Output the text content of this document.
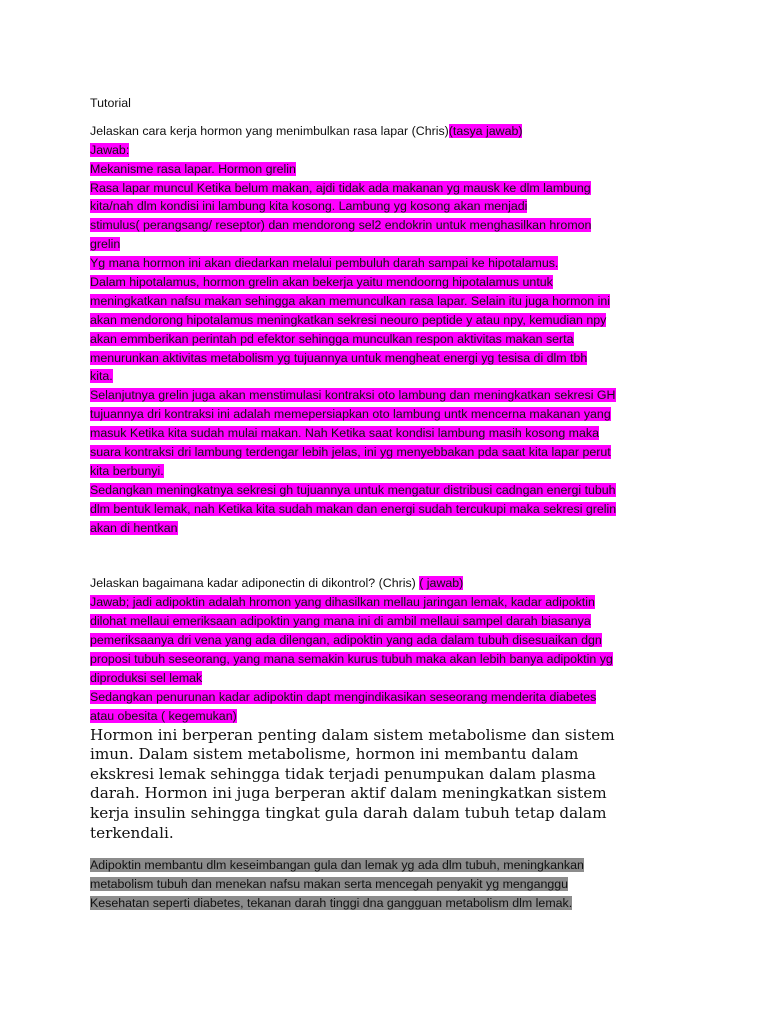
Tutorial
Jelaskan cara kerja hormon yang menimbulkan rasa lapar (Chris)(tasya jawab)
Jawab:
Mekanisme rasa lapar. Hormon grelin
Rasa lapar muncul Ketika belum makan, ajdi tidak ada makanan yg mausk ke dlm lambung
kita/nah dlm kondisi ini lambung kita kosong. Lambung yg kosong akan menjadi
stimulus( perangsang/ reseptor) dan mendorong sel2 endokrin untuk menghasilkan hromon
grelin
Yg mana hormon ini akan diedarkan melalui pembuluh darah sampai ke hipotalamus.
Dalam hipotalamus, hormon grelin akan bekerja yaitu mendoorng hipotalamus untuk
meningkatkan nafsu makan sehingga akan memunculkan rasa lapar. Selain itu juga hormon ini
akan mendorong hipotalamus meningkatkan sekresi neouro peptide y atau npy, kemudian npy
akan emmberikan perintah pd efektor sehingga munculkan respon aktivitas makan serta
menurunkan aktivitas metabolism yg tujuannya untuk mengheat energi yg tesisa di dlm tbh
kita.
Selanjutnya grelin juga akan menstimulasi kontraksi oto lambung dan meningkatkan sekresi GH
tujuannya dri kontraksi ini adalah memepersiapkan oto lambung untk mencerna makanan yang
masuk Ketika kita sudah mulai makan. Nah Ketika saat kondisi lambung masih kosong maka
suara kontraksi dri lambung terdengar lebih jelas, ini yg menyebbakan pda saat kita lapar perut
kita berbunyi.
Sedangkan meningkatnya sekresi gh tujuannya untuk mengatur distribusi cadngan energi tubuh
dlm bentuk lemak, nah Ketika kita sudah makan dan energi sudah tercukupi maka sekresi grelin
akan di hentkan
Jelaskan bagaimana kadar adiponectin di dikontrol? (Chris) ( jawab)
Jawab; jadi adipoktin adalah hromon yang dihasilkan mellau jaringan lemak, kadar adipoktin
dilohat mellaui emeriksaan adipoktin yang mana ini di ambil mellaui sampel darah biasanya
pemeriksaanya dri vena yang ada dilengan, adipoktin yang ada dalam tubuh disesuaikan dgn
proposi tubuh seseorang, yang mana semakin kurus tubuh maka akan lebih banya adipoktin yg
diproduksi sel lemak
Sedangkan penurunan kadar adipoktin dapt mengindikasikan seseorang menderita diabetes
atau obesita ( kegemukan)
Hormon ini berperan penting dalam sistem metabolisme dan sistem
imun. Dalam sistem metabolisme, hormon ini membantu dalam
ekskresi lemak sehingga tidak terjadi penumpukan dalam plasma
darah. Hormon ini juga berperan aktif dalam meningkatkan sistem
kerja insulin sehingga tingkat gula darah dalam tubuh tetap dalam
terkendali.
Adipoktin membantu dlm keseimbangan gula dan lemak yg ada dlm tubuh, meningkankan
metabolism tubuh dan menekan nafsu makan serta mencegah penyakit yg menganggu
Kesehatan seperti diabetes, tekanan darah tinggi dna gangguan metabolism dlm lemak.
